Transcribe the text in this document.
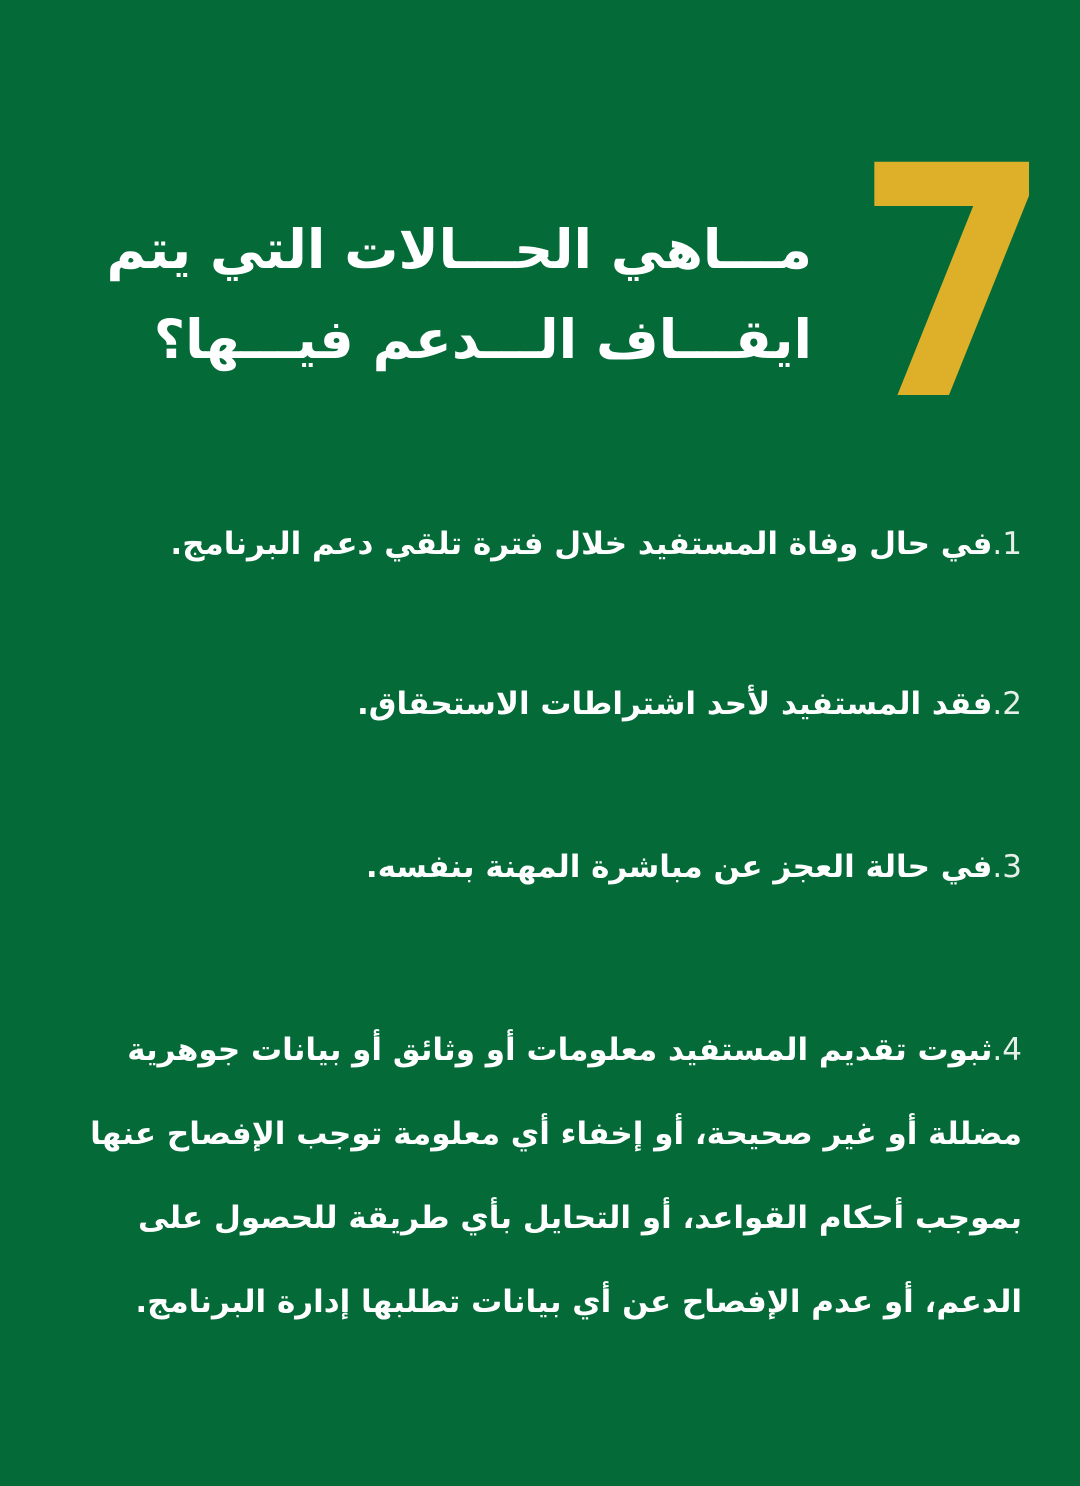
7
مـــاهي الحـــالات التي يتم
ايقـــاف الـــدعم فيـــها؟
1.في حال وفاة المستفيد خلال فترة تلقي دعم البرنامج.
2.فقد المستفيد لأحد اشتراطات الاستحقاق.
3.في حالة العجز عن مباشرة المهنة بنفسه.
4.ثبوت تقديم المستفيد معلومات أو وثائق أو بيانات جوهرية مضللة أو غير صحيحة، أو إخفاء أي معلومة توجب الإفصاح عنها بموجب أحكام القواعد، أو التحايل بأي طريقة للحصول على الدعم، أو عدم الإفصاح عن أي بيانات تطلبها إدارة البرنامج.
